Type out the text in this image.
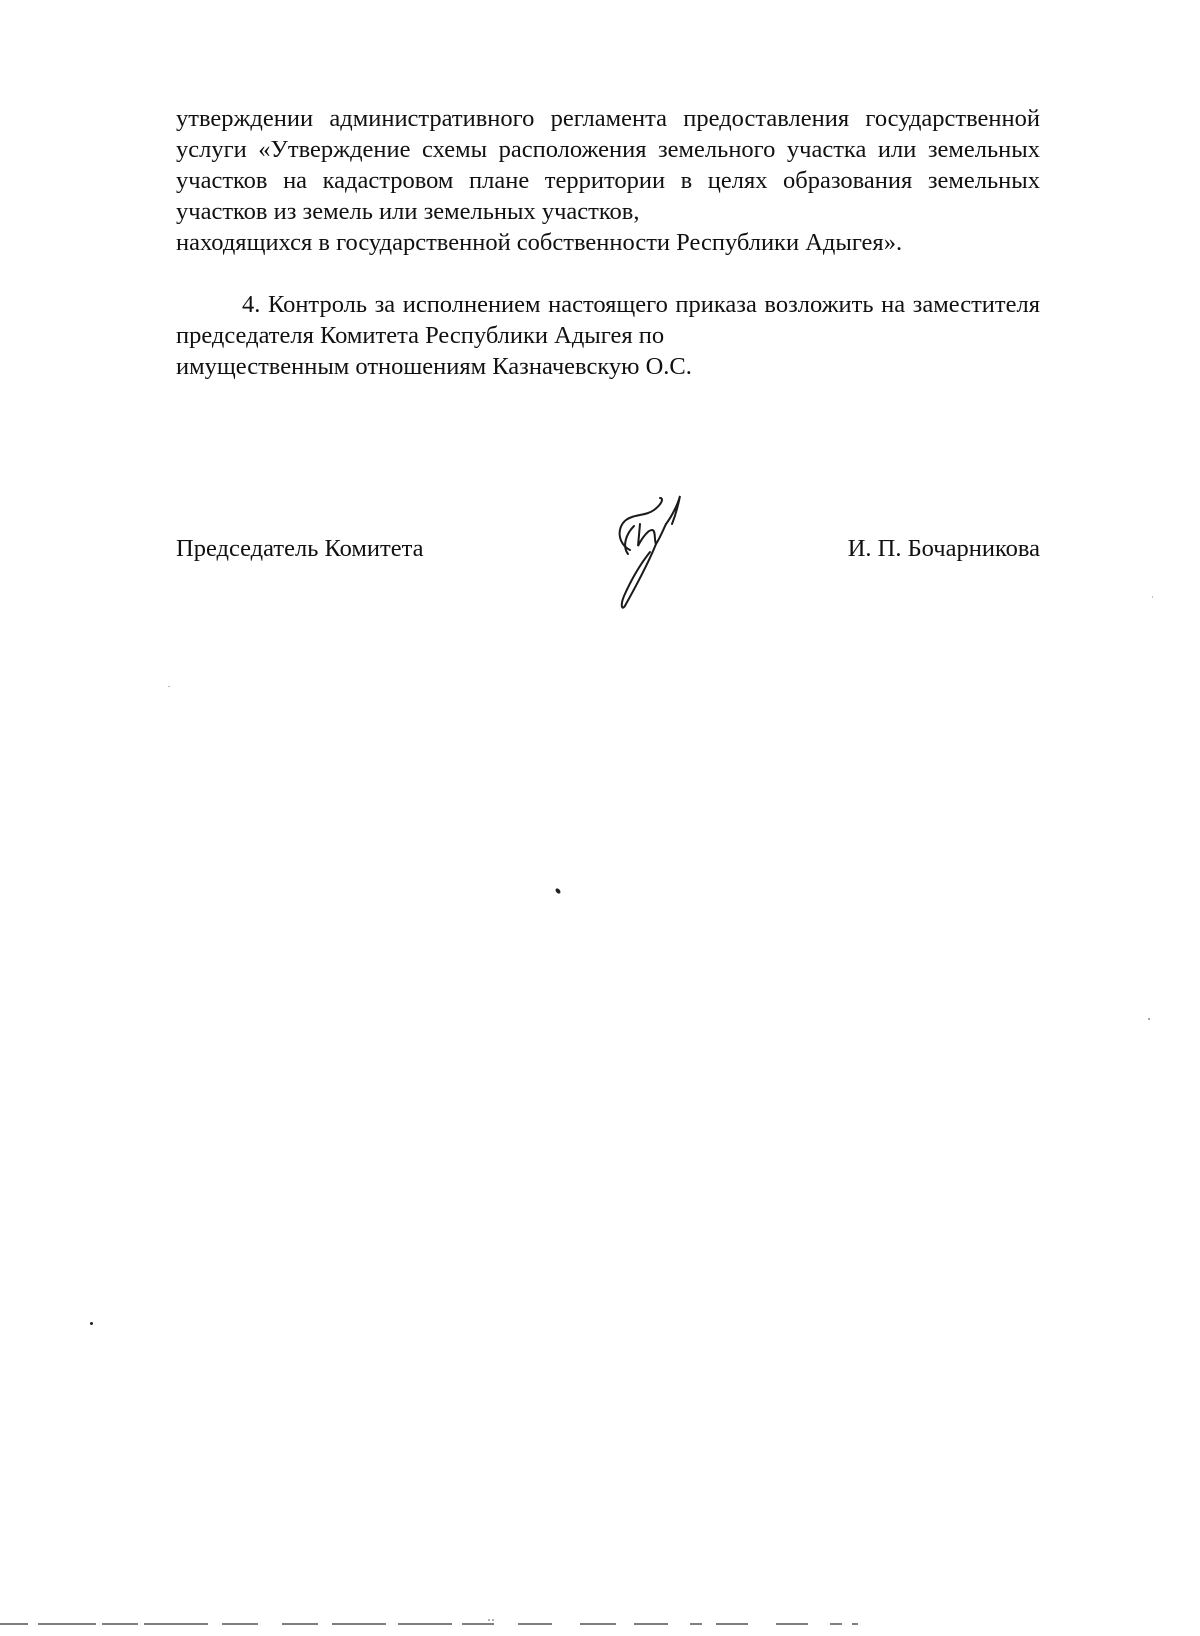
утверждении административного регламента предоставления государственной услуги «Утверждение схемы расположения земельного участка или земельных участков на кадастровом плане территории в целях образования земельных участков из земель или земельных участков,
находящихся в государственной собственности Республики Адыгея».
4. Контроль за исполнением настоящего приказа возложить на заместителя председателя Комитета Республики Адыгея по
имущественным отношениям Казначевскую О.С.
Председатель Комитета	И. П. Бочарникова
